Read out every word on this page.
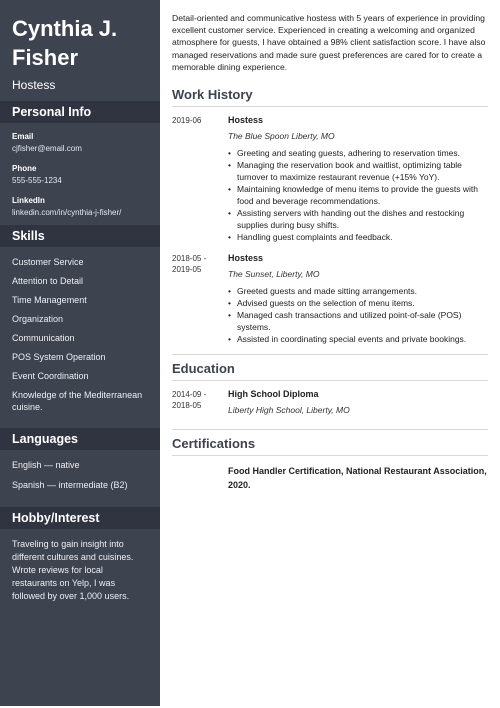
Cynthia J.
Fisher
Hostess
Personal Info
Email
cjfisher@email.com
Phone
555-555-1234
LinkedIn
linkedin.com/in/cynthia-j-fisher/
Skills
Customer Service
Attention to Detail
Time Management
Organization
Communication
POS System Operation
Event Coordination
Knowledge of the Mediterranean cuisine.
Languages
English — native
Spanish — intermediate (B2)
Hobby/Interest
Traveling to gain insight into different cultures and cuisines. Wrote reviews for local restaurants on Yelp, I was followed by over 1,000 users.
Detail-oriented and communicative hostess with 5 years of experience in providing excellent customer service. Experienced in creating a welcoming and organized atmosphere for guests, I have obtained a 98% client satisfaction score. I have also managed reservations and made sure guest preferences are cared for to create a memorable dining experience.
Work History
2019-06	Hostess
The Blue Spoon Liberty, MO
• Greeting and seating guests, adhering to reservation times.
• Managing the reservation book and waitlist, optimizing table turnover to maximize restaurant revenue (+15% YoY).
• Maintaining knowledge of menu items to provide the guests with food and beverage recommendations.
• Assisting servers with handing out the dishes and restocking supplies during busy shifts.
• Handling guest complaints and feedback.
2018-05 - 2019-05
Hostess
The Sunset, Liberty, MO
• Greeted guests and made sitting arrangements.
• Advised guests on the selection of menu items.
• Managed cash transactions and utilized point-of-sale (POS) systems.
• Assisted in coordinating special events and private bookings.
Education
2014-09 - 2018-05
High School Diploma
Liberty High School, Liberty, MO
Certifications
Food Handler Certification, National Restaurant Association, 2020.
